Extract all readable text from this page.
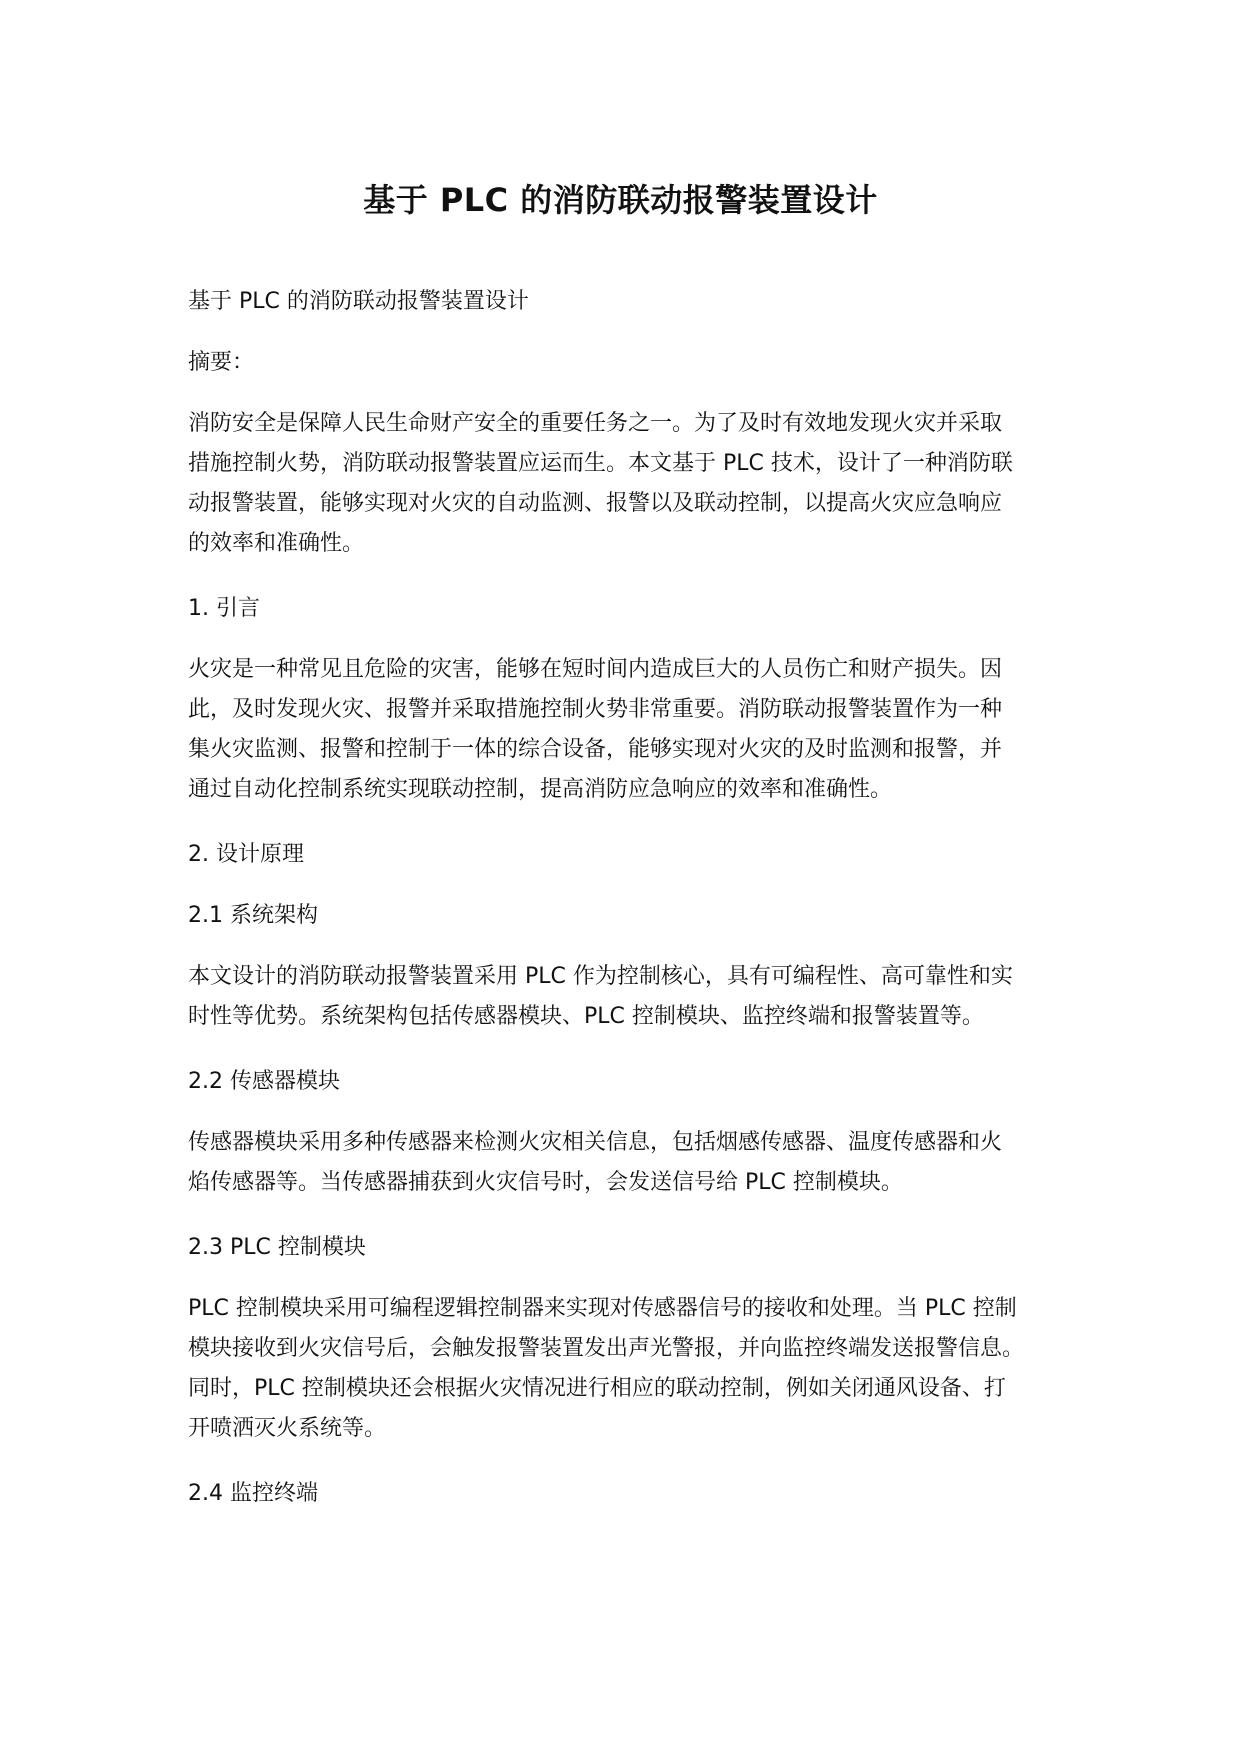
基于 PLC 的消防联动报警装置设计

基于 PLC 的消防联动报警装置设计

摘要：

消防安全是保障人民生命财产安全的重要任务之一。为了及时有效地发现火灾并采取
措施控制火势，消防联动报警装置应运而生。本文基于 PLC 技术，设计了一种消防联
动报警装置，能够实现对火灾的自动监测、报警以及联动控制，以提高火灾应急响应
的效率和准确性。

1. 引言

火灾是一种常见且危险的灾害，能够在短时间内造成巨大的人员伤亡和财产损失。因
此，及时发现火灾、报警并采取措施控制火势非常重要。消防联动报警装置作为一种
集火灾监测、报警和控制于一体的综合设备，能够实现对火灾的及时监测和报警，并
通过自动化控制系统实现联动控制，提高消防应急响应的效率和准确性。

2. 设计原理

2.1 系统架构

本文设计的消防联动报警装置采用 PLC 作为控制核心，具有可编程性、高可靠性和实
时性等优势。系统架构包括传感器模块、PLC 控制模块、监控终端和报警装置等。

2.2 传感器模块

传感器模块采用多种传感器来检测火灾相关信息，包括烟感传感器、温度传感器和火
焰传感器等。当传感器捕获到火灾信号时，会发送信号给 PLC 控制模块。

2.3 PLC 控制模块

PLC 控制模块采用可编程逻辑控制器来实现对传感器信号的接收和处理。当 PLC 控制
模块接收到火灾信号后，会触发报警装置发出声光警报，并向监控终端发送报警信息。
同时，PLC 控制模块还会根据火灾情况进行相应的联动控制，例如关闭通风设备、打
开喷洒灭火系统等。

2.4 监控终端
